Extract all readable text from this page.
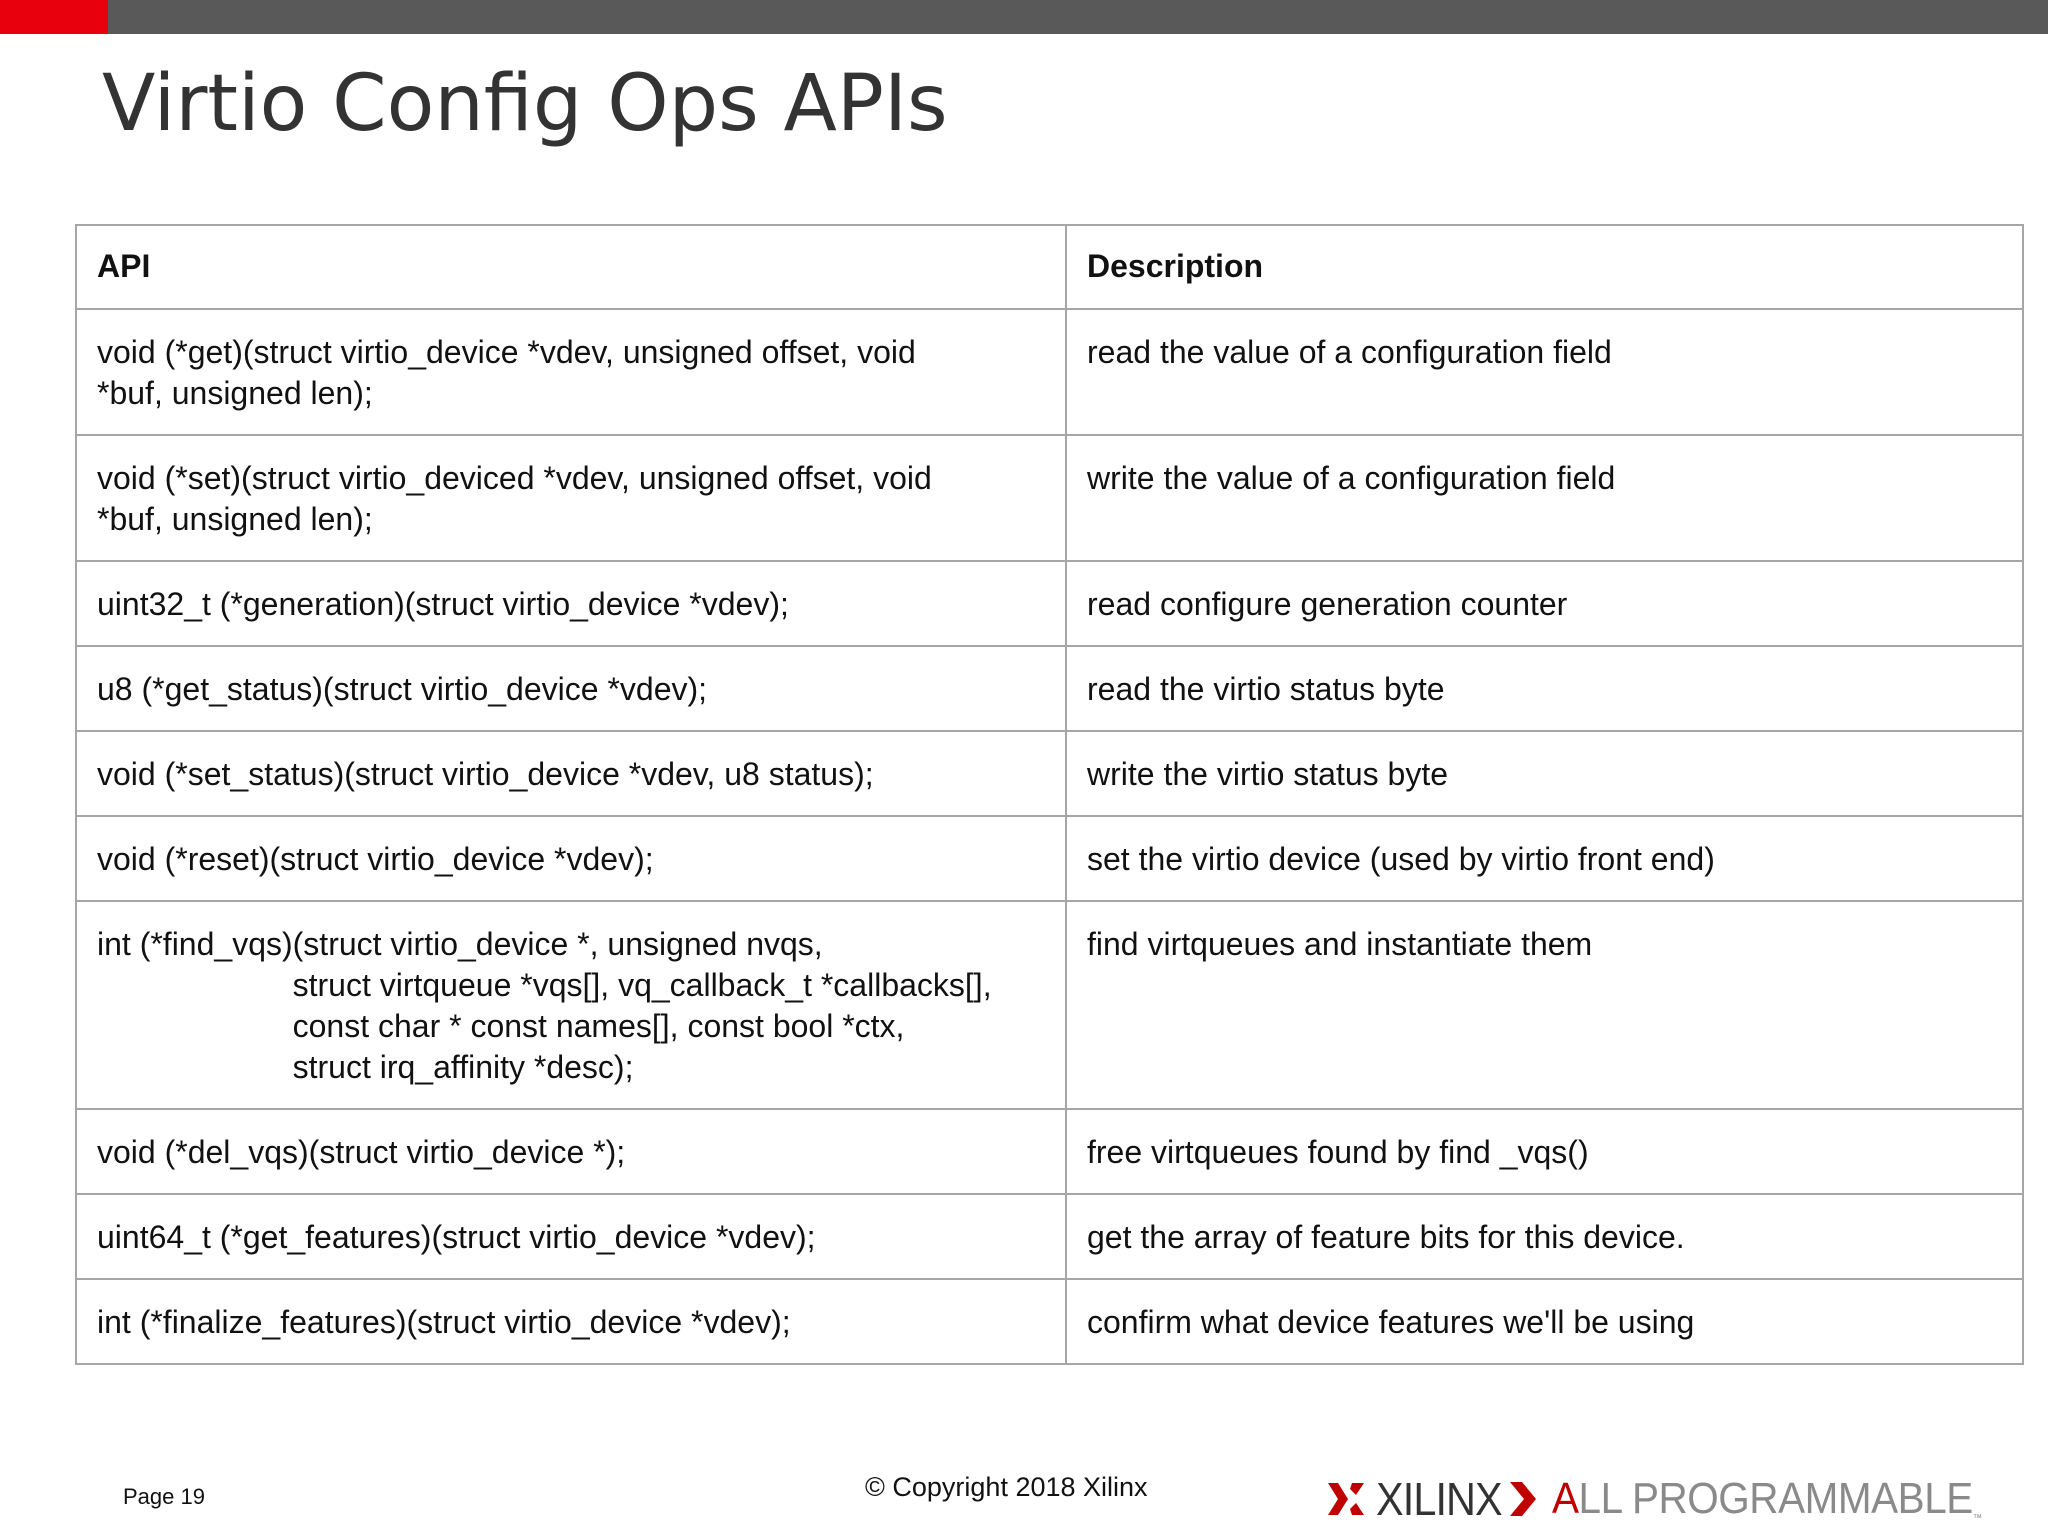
Virtio Config Ops APIs
API	Description
void (*get)(struct virtio_device *vdev, unsigned offset, void
*buf, unsigned len);	read the value of a configuration field
void (*set)(struct virtio_deviced *vdev, unsigned offset, void
*buf, unsigned len);	write the value of a configuration field
uint32_t (*generation)(struct virtio_device *vdev);	read configure generation counter
u8 (*get_status)(struct virtio_device *vdev);	read the virtio status byte
void (*set_status)(struct virtio_device *vdev, u8 status);	write the virtio status byte
void (*reset)(struct virtio_device *vdev);	set the virtio device (used by virtio front end)
int (*find_vqs)(struct virtio_device *, unsigned nvqs,
struct virtqueue *vqs[], vq_callback_t *callbacks[],
const char * const names[], const bool *ctx,
struct irq_affinity *desc);	find virtqueues and instantiate them
void (*del_vqs)(struct virtio_device *);	free virtqueues found by find _vqs()
uint64_t (*get_features)(struct virtio_device *vdev);	get the array of feature bits for this device.
int (*finalize_features)(struct virtio_device *vdev);	confirm what device features we'll be using
Page 19	© Copyright 2018 Xilinx	XILINX ALL PROGRAMMABLE™
